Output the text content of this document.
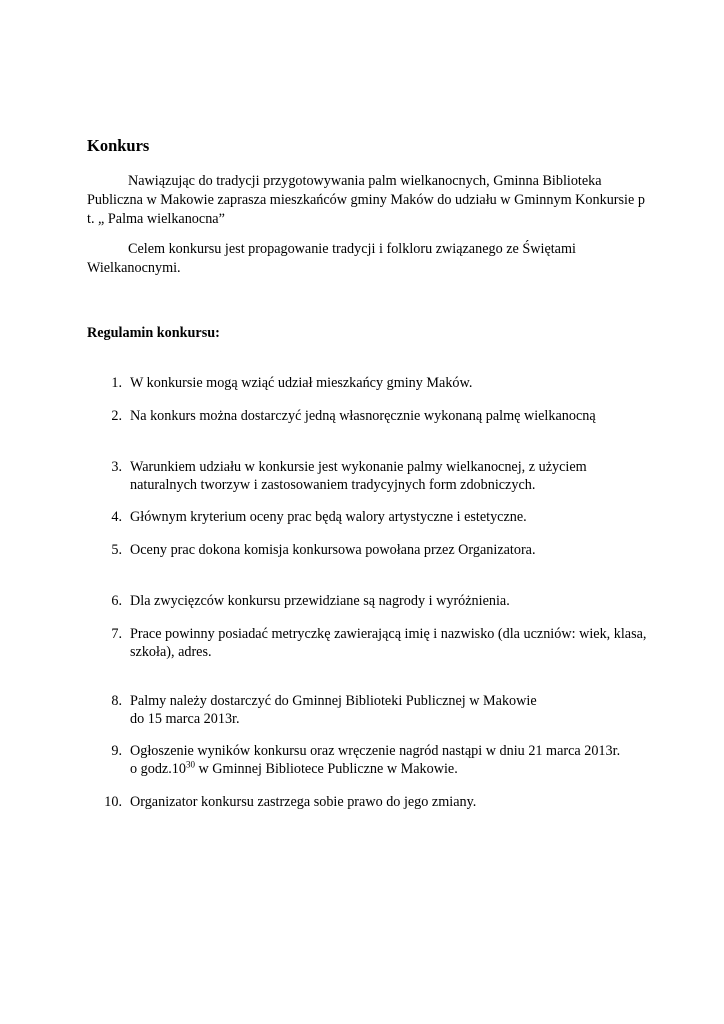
Konkurs

Nawiązując do tradycji przygotowywania palm wielkanocnych, Gminna Biblioteka Publiczna w Makowie zaprasza mieszkańców gminy Maków do udziału w Gminnym Konkursie p t. „ Palma wielkanocna”

Celem konkursu jest propagowanie tradycji i folkloru związanego ze Świętami Wielkanocnymi.

Regulamin konkursu:
1. W konkursie mogą wziąć udział mieszkańcy gminy Maków.
2. Na konkurs można dostarczyć jedną własnoręcznie wykonaną palmę wielkanocną
3. Warunkiem udziału w konkursie jest wykonanie palmy wielkanocnej, z użyciem naturalnych tworzyw i zastosowaniem tradycyjnych form zdobniczych.
4. Głównym kryterium oceny prac będą walory artystyczne i estetyczne.
5. Oceny prac dokona komisja konkursowa powołana przez Organizatora.
6. Dla zwycięzców konkursu przewidziane są nagrody i wyróżnienia.
7. Prace powinny posiadać metryczkę zawierającą imię i nazwisko (dla uczniów: wiek, klasa, szkoła), adres.
8. Palmy należy dostarczyć do Gminnej Biblioteki Publicznej w Makowie
do 15 marca 2013r.
9. Ogłoszenie wyników konkursu oraz wręczenie nagród nastąpi w dniu 21 marca 2013r.
o $godz.10^{30}$ w Gminnej Bibliotece Publiczne w Makowie.
10. Organizator konkursu zastrzega sobie prawo do jego zmiany.
